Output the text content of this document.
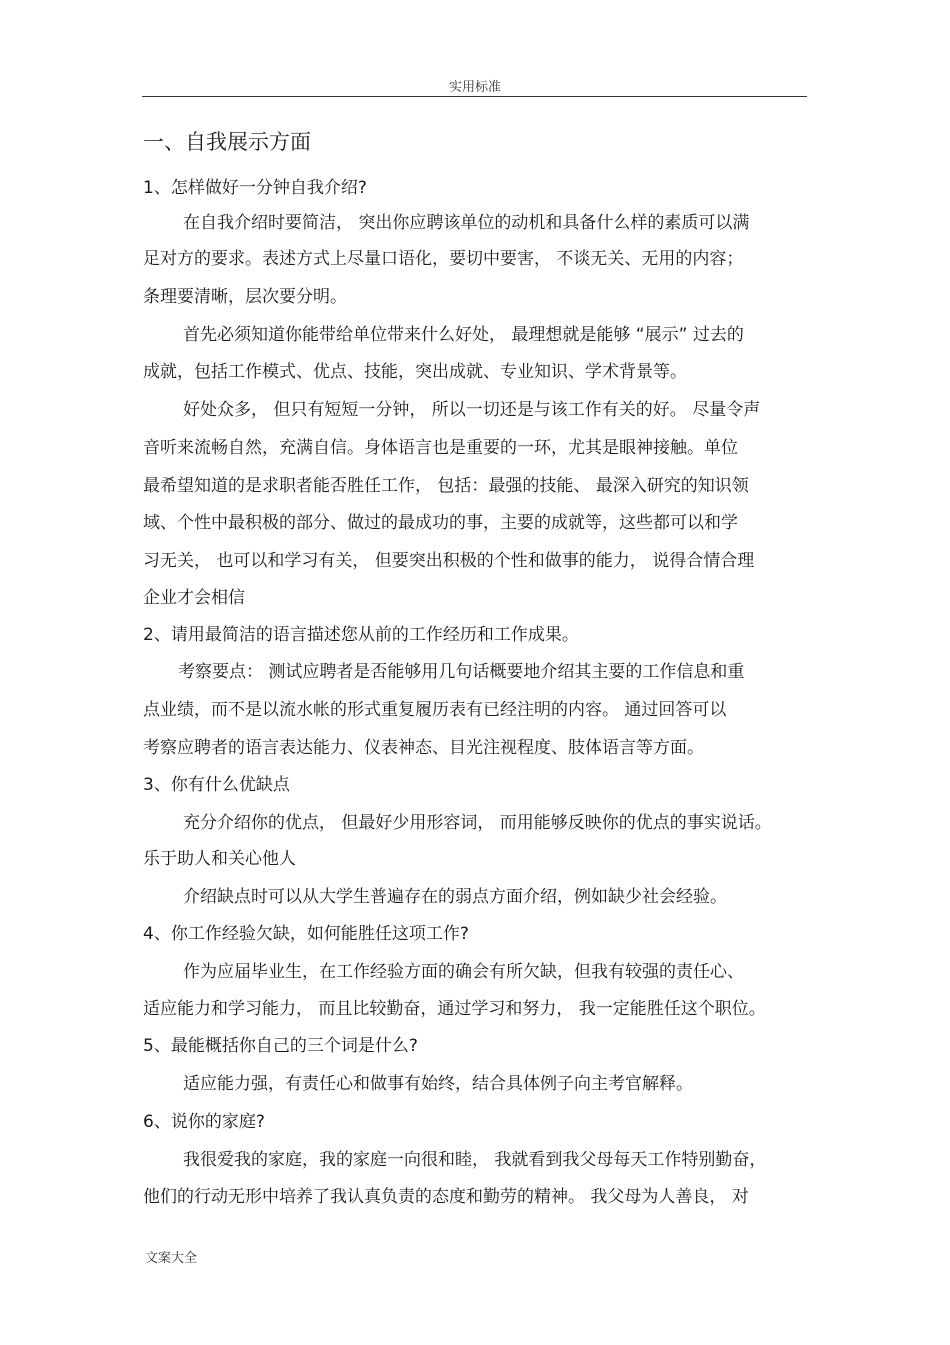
实用标准
一、自我展示方面
1、怎样做好一分钟自我介绍?
在自我介绍时要简洁， 突出你应聘该单位的动机和具备什么样的素质可以满
足对方的要求。表述方式上尽量口语化，要切中要害， 不谈无关、无用的内容；
条理要清晰，层次要分明。
首先必须知道你能带给单位带来什么好处， 最理想就是能够 “展示” 过去的
成就，包括工作模式、优点、技能，突出成就、专业知识、学术背景等。
好处众多， 但只有短短一分钟， 所以一切还是与该工作有关的好。 尽量令声
音听来流畅自然，充满自信。身体语言也是重要的一环，尤其是眼神接触。单位
最希望知道的是求职者能否胜任工作， 包括：最强的技能、 最深入研究的知识领
域、个性中最积极的部分、做过的最成功的事，主要的成就等，这些都可以和学
习无关， 也可以和学习有关， 但要突出积极的个性和做事的能力， 说得合情合理
企业才会相信
2、请用最简洁的语言描述您从前的工作经历和工作成果。
考察要点： 测试应聘者是否能够用几句话概要地介绍其主要的工作信息和重
点业绩，而不是以流水帐的形式重复履历表有已经注明的内容。 通过回答可以
考察应聘者的语言表达能力、仪表神态、目光注视程度、肢体语言等方面。
3、你有什么优缺点
充分介绍你的优点， 但最好少用形容词， 而用能够反映你的优点的事实说话。
乐于助人和关心他人
介绍缺点时可以从大学生普遍存在的弱点方面介绍，例如缺少社会经验。
4、你工作经验欠缺，如何能胜任这项工作?
作为应届毕业生，在工作经验方面的确会有所欠缺，但我有较强的责任心、
适应能力和学习能力， 而且比较勤奋，通过学习和努力， 我一定能胜任这个职位。
5、最能概括你自己的三个词是什么?
适应能力强，有责任心和做事有始终，结合具体例子向主考官解释。
6、说你的家庭?
我很爱我的家庭，我的家庭一向很和睦， 我就看到我父母每天工作特别勤奋，
他们的行动无形中培养了我认真负责的态度和勤劳的精神。 我父母为人善良， 对
文案大全
